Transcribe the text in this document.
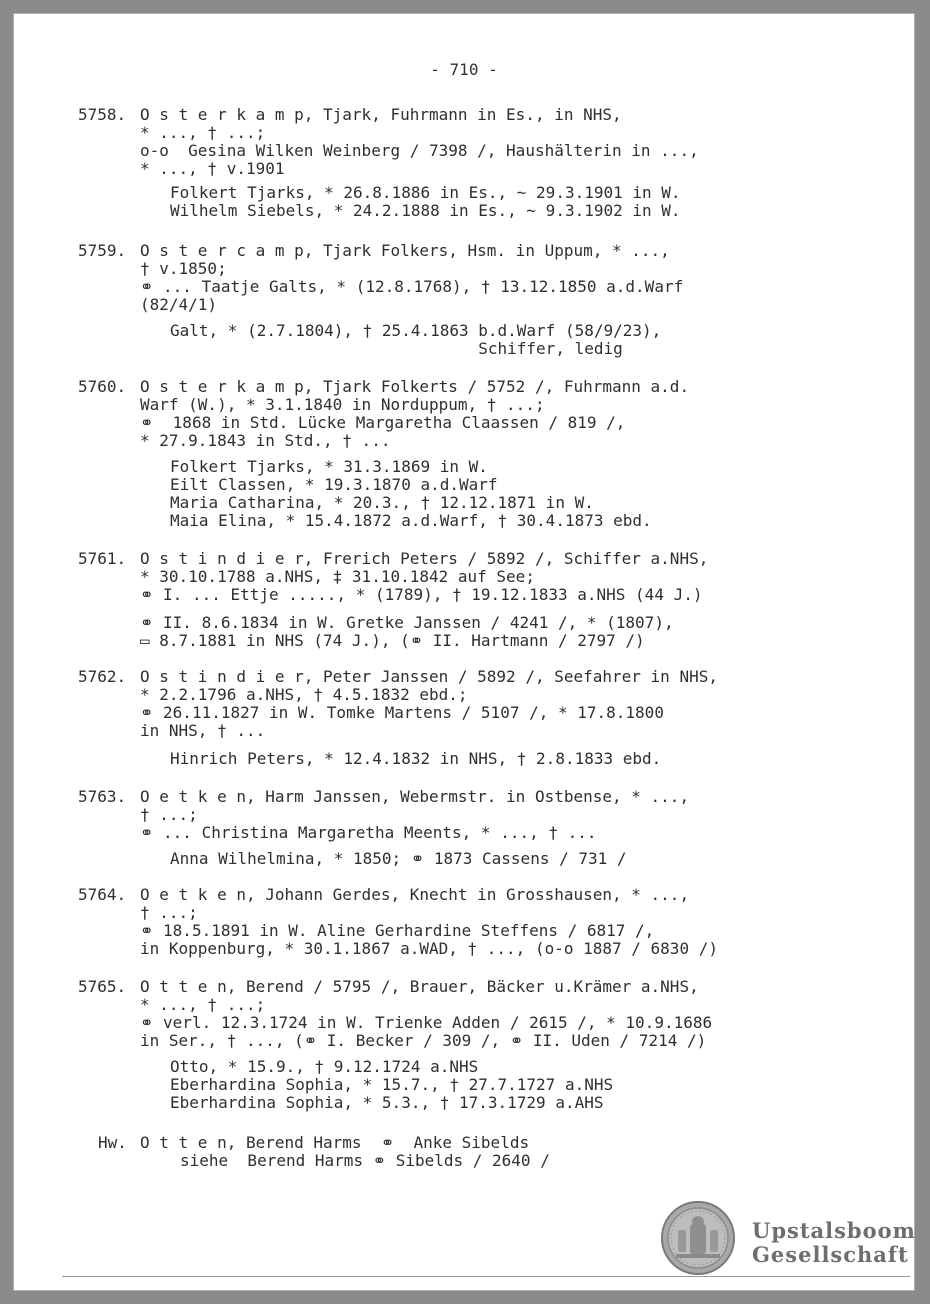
- 710 -
5758. O s t e r k a m p, Tjark, Fuhrmann in Es., in NHS,
* ..., † ...;
o-o  Gesina Wilken Weinberg / 7398 /, Haushälterin in ...,
* ..., † v.1901
Folkert Tjarks, * 26.8.1886 in Es., ~ 29.3.1901 in W.
Wilhelm Siebels, * 24.2.1888 in Es., ~ 9.3.1902 in W.
5759. O s t e r c a m p, Tjark Folkers, Hsm. in Uppum, * ...,
† v.1850;
⚭ ... Taatje Galts, * (12.8.1768), † 13.12.1850 a.d.Warf
(82/4/1)
Galt, * (2.7.1804), † 25.4.1863 b.d.Warf (58/9/23),
Schiffer, ledig
5760. O s t e r k a m p, Tjark Folkerts / 5752 /, Fuhrmann a.d.
Warf (W.), * 3.1.1840 in Norduppum, † ...;
⚭  1868 in Std. Lücke Margaretha Claassen / 819 /,
* 27.9.1843 in Std., † ...
Folkert Tjarks, * 31.3.1869 in W.
Eilt Classen, * 19.3.1870 a.d.Warf
Maria Catharina, * 20.3., † 12.12.1871 in W.
Maia Elina, * 15.4.1872 a.d.Warf, † 30.4.1873 ebd.
5761. O s t i n d i e r, Frerich Peters / 5892 /, Schiffer a.NHS,
* 30.10.1788 a.NHS, ‡ 31.10.1842 auf See;
⚭ I. ... Ettje ....., * (1789), † 19.12.1833 a.NHS (44 J.)
⚭ II. 8.6.1834 in W. Gretke Janssen / 4241 /, * (1807),
▭ 8.7.1881 in NHS (74 J.), (⚭ II. Hartmann / 2797 /)
5762. O s t i n d i e r, Peter Janssen / 5892 /, Seefahrer in NHS,
* 2.2.1796 a.NHS, † 4.5.1832 ebd.;
⚭ 26.11.1827 in W. Tomke Martens / 5107 /, * 17.8.1800
in NHS, † ...
Hinrich Peters, * 12.4.1832 in NHS, † 2.8.1833 ebd.
5763. O e t k e n, Harm Janssen, Webermstr. in Ostbense, * ...,
† ...;
⚭ ... Christina Margaretha Meents, * ..., † ...
Anna Wilhelmina, * 1850; ⚭ 1873 Cassens / 731 /
5764. O e t k e n, Johann Gerdes, Knecht in Grosshausen, * ...,
† ...;
⚭ 18.5.1891 in W. Aline Gerhardine Steffens / 6817 /,
in Koppenburg, * 30.1.1867 a.WAD, † ..., (o-o 1887 / 6830 /)
5765. O t t e n, Berend / 5795 /, Brauer, Bäcker u.Krämer a.NHS,
* ..., † ...;
⚭ verl. 12.3.1724 in W. Trienke Adden / 2615 /, * 10.9.1686
in Ser., † ..., (⚭ I. Becker / 309 /, ⚭ II. Uden / 7214 /)
Otto, * 15.9., † 9.12.1724 a.NHS
Eberhardina Sophia, * 15.7., † 27.7.1727 a.NHS
Eberhardina Sophia, * 5.3., † 17.3.1729 a.AHS
Hw. O t t e n, Berend Harms  ⚭  Anke Sibelds
siehe  Berend Harms ⚭ Sibelds / 2640 /
Upstalsboom
Gesellschaft
